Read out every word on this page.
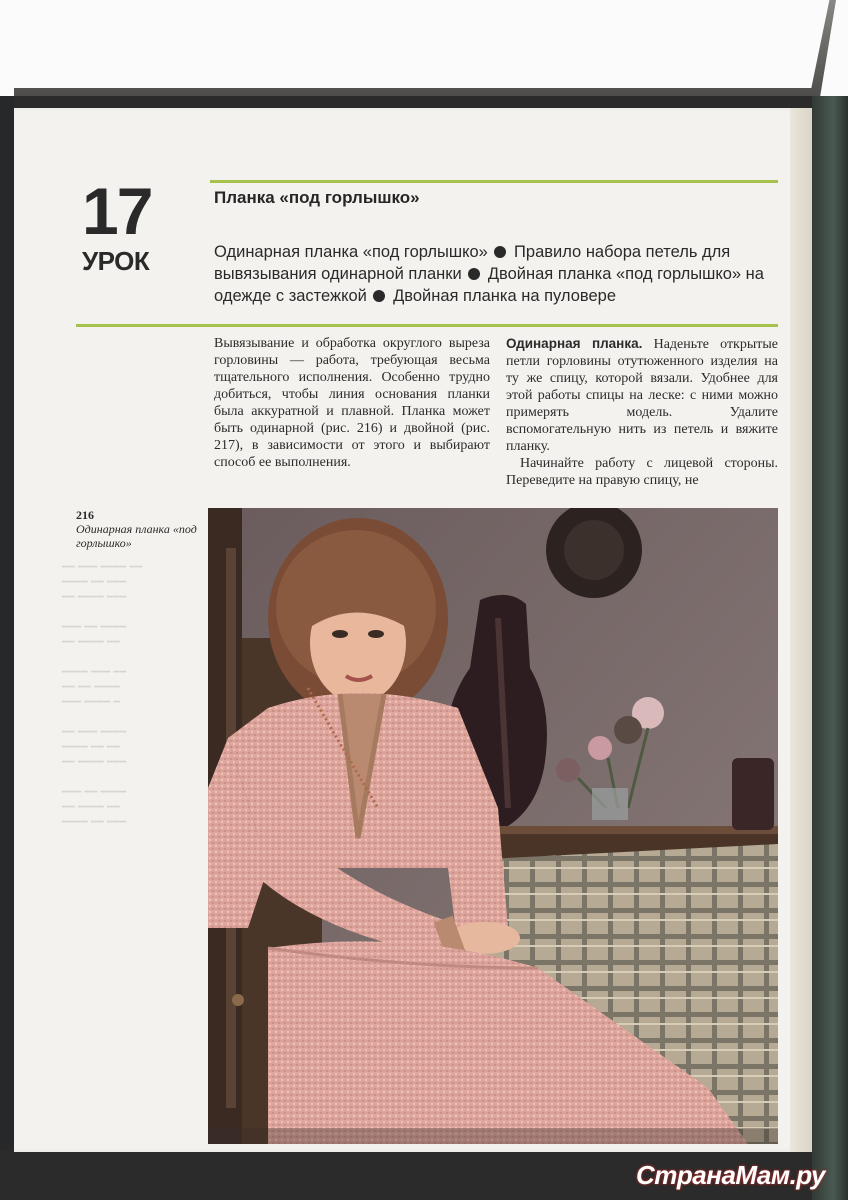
━━ ━━━ ━━━━ ━━
━━━━ ━━ ━━━
━━ ━━━━ ━━━

━━━ ━━ ━━━━
━━ ━━━━ ━━

━━━━ ━━━ ━━
━━ ━━ ━━━━
━━━ ━━━━ ━

━━ ━━━ ━━━━
━━━━ ━━ ━━
━━ ━━━━ ━━━

━━━ ━━ ━━━━
━━ ━━━━ ━━
━━━━ ━━ ━━━
17
УРОК
Планка «под горлышко»
Одинарная планка «под горлышко» Правило набора петель для вывязывания одинарной планки Двойная планка «под горлышко» на одежде с застежкой Двойная планка на пуловере

Вывязывание и обработка округлого выреза горловины — работа, требующая весьма тщательного исполнения. Особенно трудно добиться, чтобы линия основания планки была аккуратной и плавной. Планка может быть одинарной (рис. 216) и двойной (рис. 217), в зависимости от этого и выбирают способ ее выполнения.

Одинарная планка. Наденьте открытые петли горловины отутюженного изделия на ту же спицу, которой вязали. Удобнее для этой работы спицы на леске: с ними можно примерять модель. Удалите вспомогательную нить из петель и вяжите планку.

Начинайте работу с лицевой стороны. Переведите на правую спицу, не

216
Одинарная планка «под горлышко»
СтранаМам.ру
